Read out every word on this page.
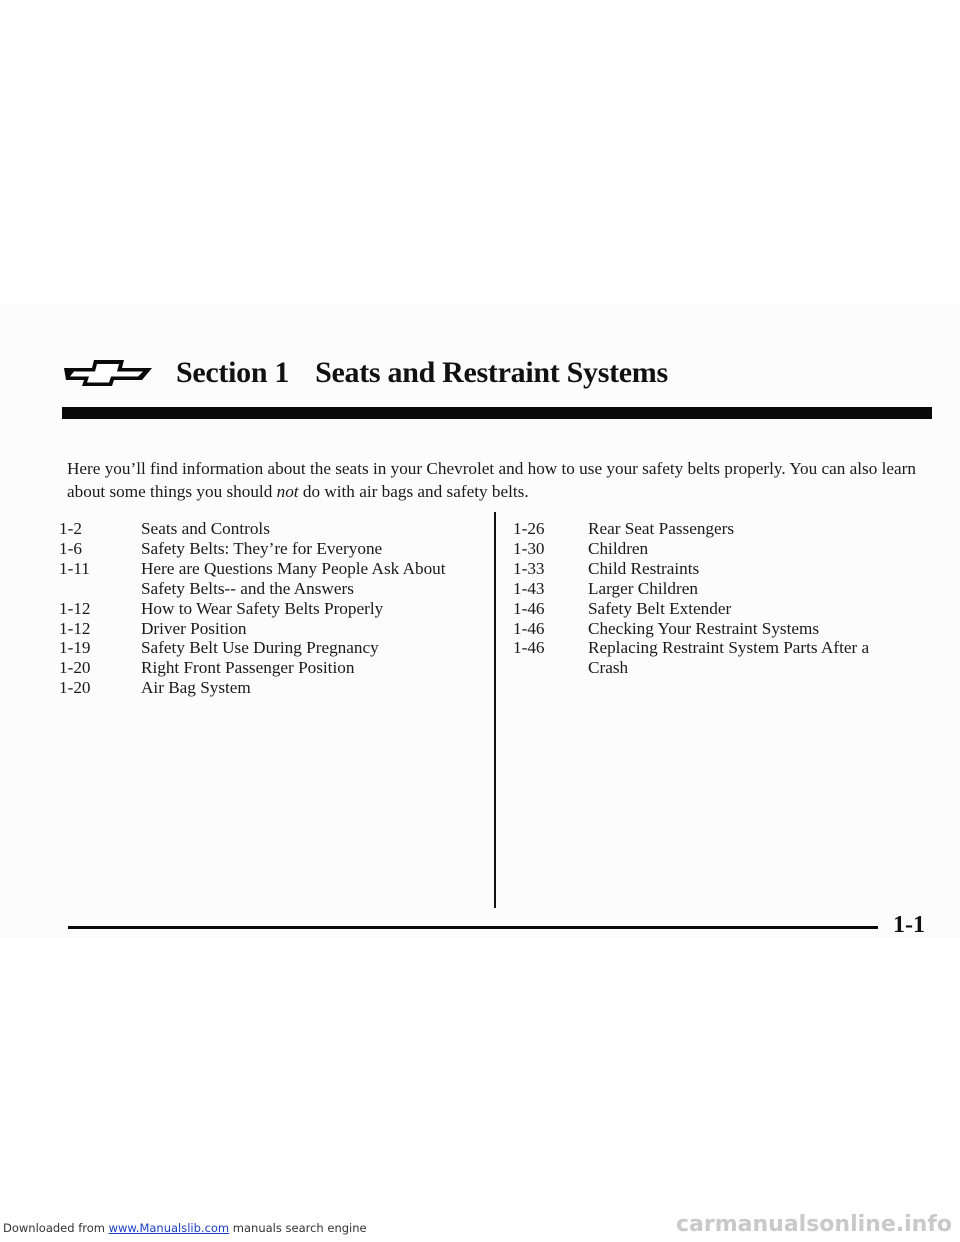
Section 1 Seats and Restraint Systems

Here you’ll find information about the seats in your Chevrolet and how to use your safety belts properly. You can also learn about some things you should not do with air bags and safety belts.

1-2	Seats and Controls
1-6	Safety Belts: They’re for Everyone
1-11	Here are Questions Many People Ask About Safety Belts-- and the Answers
1-12	How to Wear Safety Belts Properly
1-12	Driver Position
1-19	Safety Belt Use During Pregnancy
1-20	Right Front Passenger Position
1-20	Air Bag System
1-26	Rear Seat Passengers
1-30	Children
1-33	Child Restraints
1-43	Larger Children
1-46	Safety Belt Extender
1-46	Checking Your Restraint Systems
1-46	Replacing Restraint System Parts After a Crash
1-1
Downloaded from www.Manualslib.com manuals search engine	carmanualsonline.info
